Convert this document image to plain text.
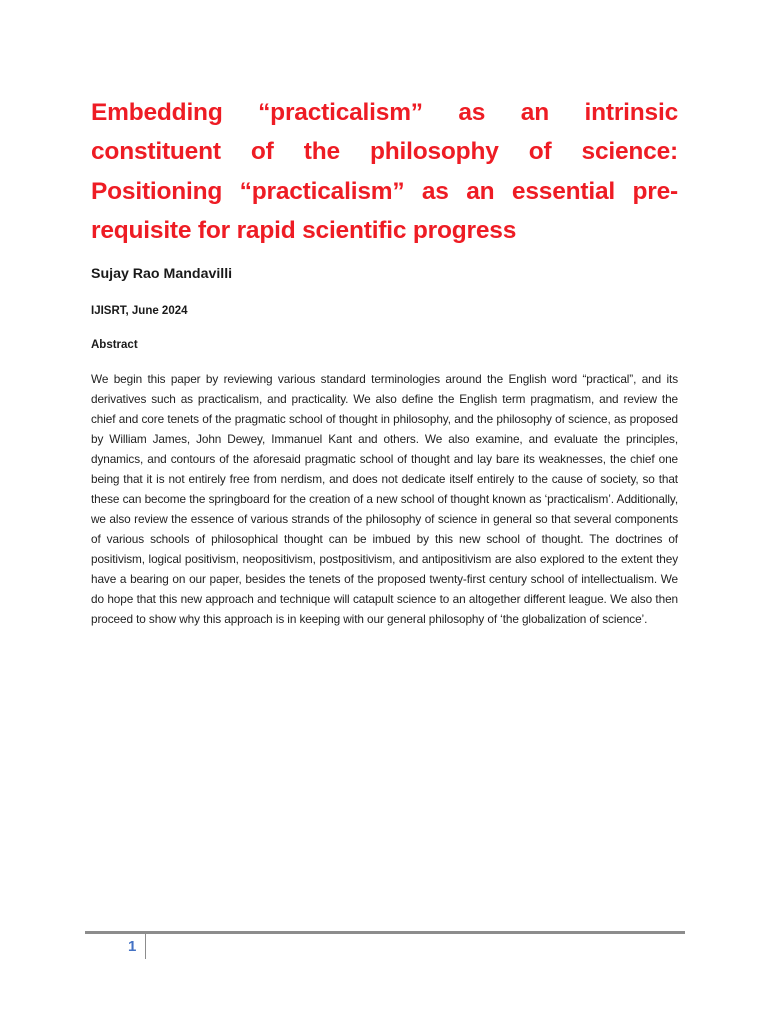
Embedding “practicalism” as an intrinsic constituent of the philosophy of science: Positioning “practicalism” as an essential pre-requisite for rapid scientific progress

Sujay Rao Mandavilli

IJISRT, June 2024

Abstract

We begin this paper by reviewing various standard terminologies around the English word “practical”, and its derivatives such as practicalism, and practicality. We also define the English term pragmatism, and review the chief and core tenets of the pragmatic school of thought in philosophy, and the philosophy of science, as proposed by William James, John Dewey, Immanuel Kant and others. We also examine, and evaluate the principles, dynamics, and contours of the aforesaid pragmatic school of thought and lay bare its weaknesses, the chief one being that it is not entirely free from nerdism, and does not dedicate itself entirely to the cause of society, so that these can become the springboard for the creation of a new school of thought known as ‘practicalism’. Additionally, we also review the essence of various strands of the philosophy of science in general so that several components of various schools of philosophical thought can be imbued by this new school of thought. The doctrines of positivism, logical positivism, neopositivism, postpositivism, and antipositivism are also explored to the extent they have a bearing on our paper, besides the tenets of the proposed twenty-first century school of intellectualism. We do hope that this new approach and technique will catapult science to an altogether different league. We also then proceed to show why this approach is in keeping with our general philosophy of ‘the globalization of science’.

1
